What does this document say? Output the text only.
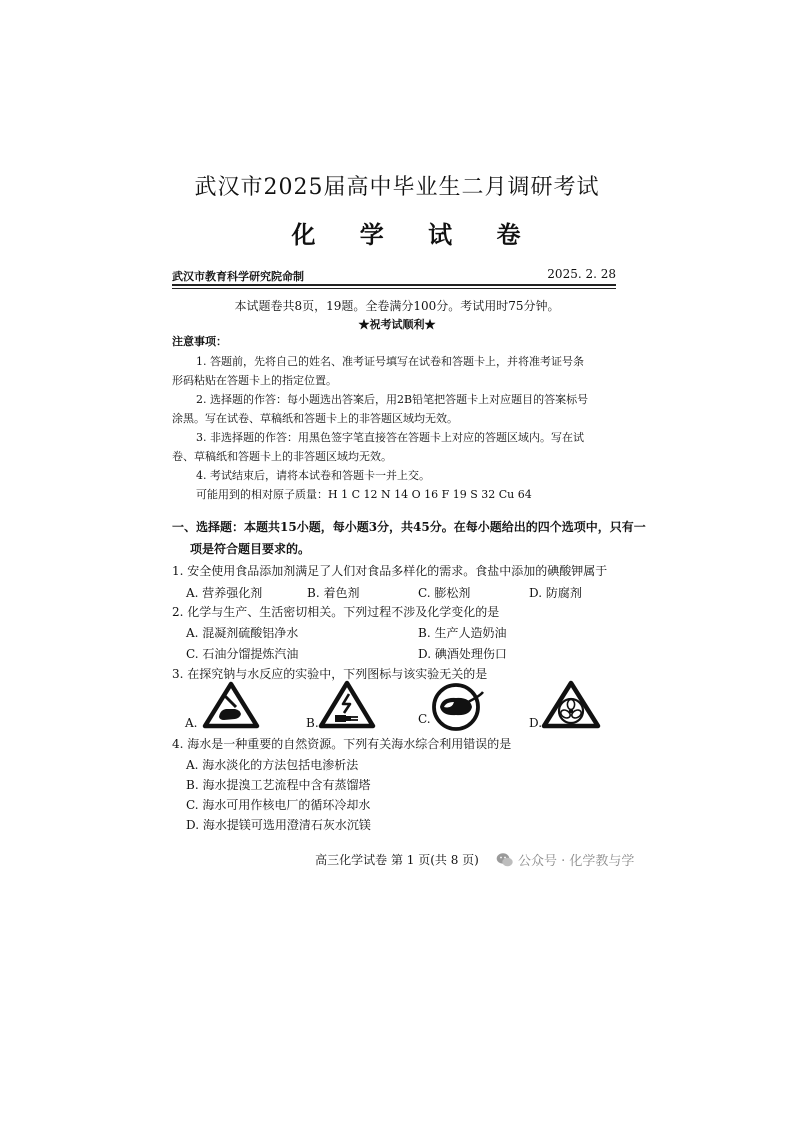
武汉市2025届高中毕业生二月调研考试
化 学 试 卷
武汉市教育科学研究院命制	2025. 2. 28
本试题卷共8页，19题。全卷满分100分。考试用时75分钟。
★祝考试顺利★
注意事项：
1. 答题前，先将自己的姓名、准考证号填写在试卷和答题卡上，并将准考证号条
形码粘贴在答题卡上的指定位置。
2. 选择题的作答：每小题选出答案后，用2B铅笔把答题卡上对应题目的答案标号
涂黑。写在试卷、草稿纸和答题卡上的非答题区域均无效。
3. 非选择题的作答：用黑色签字笔直接答在答题卡上对应的答题区域内。写在试
卷、草稿纸和答题卡上的非答题区域均无效。
4. 考试结束后，请将本试卷和答题卡一并上交。
可能用到的相对原子质量：H 1 C 12 N 14 O 16 F 19 S 32 Cu 64
一、选择题：本题共15小题，每小题3分，共45分。在每小题给出的四个选项中，只有一
项是符合题目要求的。
1. 安全使用食品添加剂满足了人们对食品多样化的需求。食盐中添加的碘酸钾属于
A. 营养强化剂	B. 着色剂	C. 膨松剂	D. 防腐剂
2. 化学与生产、生活密切相关。下列过程不涉及化学变化的是
A. 混凝剂硫酸铝净水	B. 生产人造奶油
C. 石油分馏提炼汽油	D. 碘酒处理伤口
3. 在探究钠与水反应的实验中，下列图标与该实验无关的是
A.	B.	C.	D.
4. 海水是一种重要的自然资源。下列有关海水综合利用错误的是
A. 海水淡化的方法包括电渗析法
B. 海水提溴工艺流程中含有蒸馏塔
C. 海水可用作核电厂的循环冷却水
D. 海水提镁可选用澄清石灰水沉镁
高三化学试卷 第 1 页(共 8 页)	公众号 · 化学教与学
